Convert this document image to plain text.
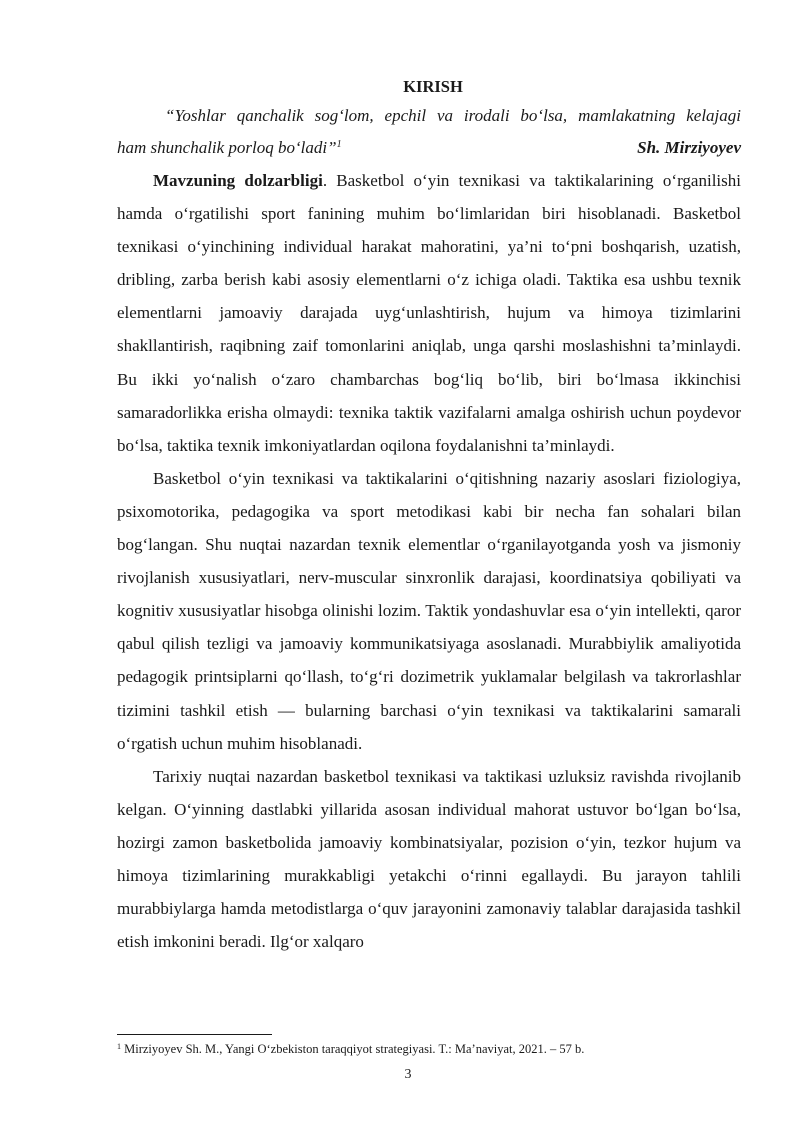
KIRISH
“Yoshlar qanchalik sog‘lom, epchil va irodali bo‘lsa, mamlakatning kelajagi
ham shunchalik porloq bo‘ladi”$^1$	Sh. Mirziyoyev

Mavzuning dolzarbligi. Basketbol o‘yin texnikasi va taktikalarining o‘rganilishi hamda o‘rgatilishi sport fanining muhim bo‘limlaridan biri hisoblanadi. Basketbol texnikasi o‘yinchining individual harakat mahoratini, ya’ni to‘pni boshqarish, uzatish, dribling, zarba berish kabi asosiy elementlarni o‘z ichiga oladi. Taktika esa ushbu texnik elementlarni jamoaviy darajada uyg‘unlashtirish, hujum va himoya tizimlarini shakllantirish, raqibning zaif tomonlarini aniqlab, unga qarshi moslashishni ta’minlaydi. Bu ikki yo‘nalish o‘zaro chambarchas bog‘liq bo‘lib, biri bo‘lmasa ikkinchisi samaradorlikka erisha olmaydi: texnika taktik vazifalarni amalga oshirish uchun poydevor bo‘lsa, taktika texnik imkoniyatlardan oqilona foydalanishni ta’minlaydi.

Basketbol o‘yin texnikasi va taktikalarini o‘qitishning nazariy asoslari fiziologiya, psixomotorika, pedagogika va sport metodikasi kabi bir necha fan sohalari bilan bog‘langan. Shu nuqtai nazardan texnik elementlar o‘rganilayotganda yosh va jismoniy rivojlanish xususiyatlari, nerv-muscular sinxronlik darajasi, koordinatsiya qobiliyati va kognitiv xususiyatlar hisobga olinishi lozim. Taktik yondashuvlar esa o‘yin intellekti, qaror qabul qilish tezligi va jamoaviy kommunikatsiyaga asoslanadi. Murabbiylik amaliyotida pedagogik printsiplarni qo‘llash, to‘g‘ri dozimetrik yuklamalar belgilash va takrorlashlar tizimini tashkil etish — bularning barchasi o‘yin texnikasi va taktikalarini samarali o‘rgatish uchun muhim hisoblanadi.

Tarixiy nuqtai nazardan basketbol texnikasi va taktikasi uzluksiz ravishda rivojlanib kelgan. O‘yinning dastlabki yillarida asosan individual mahorat ustuvor bo‘lgan bo‘lsa, hozirgi zamon basketbolida jamoaviy kombinatsiyalar, pozision o‘yin, tezkor hujum va himoya tizimlarining murakkabligi yetakchi o‘rinni egallaydi. Bu jarayon tahlili murabbiylarga hamda metodistlarga o‘quv jarayonini zamonaviy talablar darajasida tashkil etish imkonini beradi. Ilg‘or xalqaro

$^1$ Mirziyoyev Sh. M., Yangi O‘zbekiston taraqqiyot strategiyasi. T.: Ma’naviyat, 2021. – 57 b.

3
